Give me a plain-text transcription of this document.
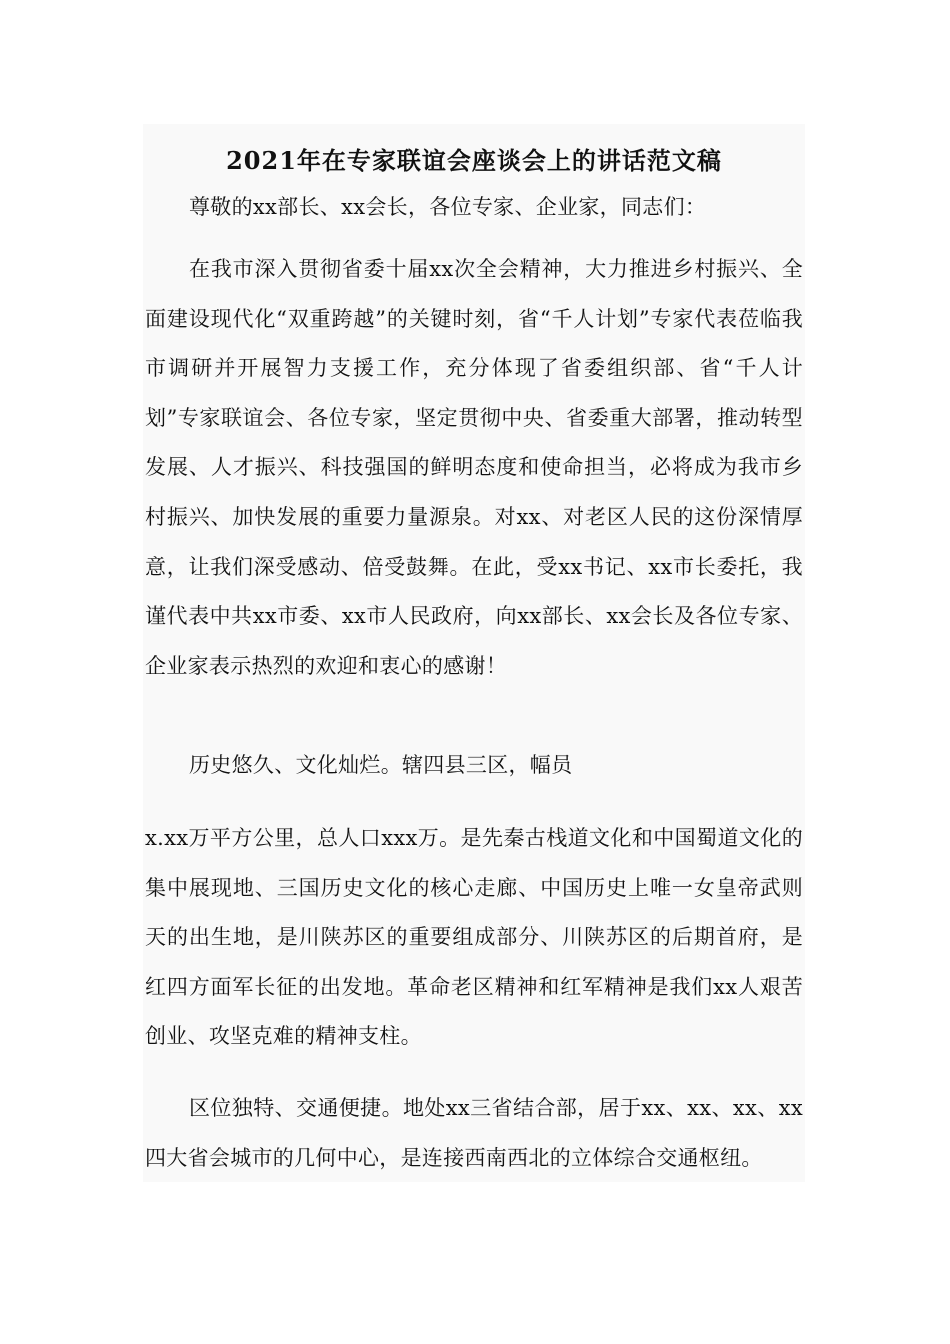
2021年在专家联谊会座谈会上的讲话范文稿

尊敬的xx部长、xx会长，各位专家、企业家，同志们：

在我市深入贯彻省委十届xx次全会精神，大力推进乡村振兴、全面建设现代化“双重跨越”的关键时刻，省“千人计划”专家代表莅临我市调研并开展智力支援工作，充分体现了省委组织部、省“千人计划”专家联谊会、各位专家，坚定贯彻中央、省委重大部署，推动转型发展、人才振兴、科技强国的鲜明态度和使命担当，必将成为我市乡村振兴、加快发展的重要力量源泉。对xx、对老区人民的这份深情厚意，让我们深受感动、倍受鼓舞。在此，受xx书记、xx市长委托，我谨代表中共xx市委、xx市人民政府，向xx部长、xx会长及各位专家、企业家表示热烈的欢迎和衷心的感谢！

历史悠久、文化灿烂。辖四县三区，幅员

x.xx万平方公里，总人口xxx万。是先秦古栈道文化和中国蜀道文化的集中展现地、三国历史文化的核心走廊、中国历史上唯一女皇帝武则天的出生地，是川陕苏区的重要组成部分、川陕苏区的后期首府，是红四方面军长征的出发地。革命老区精神和红军精神是我们xx人艰苦创业、攻坚克难的精神支柱。

区位独特、交通便捷。地处xx三省结合部，居于xx、xx、xx、xx四大省会城市的几何中心，是连接西南西北的立体综合交通枢纽。
